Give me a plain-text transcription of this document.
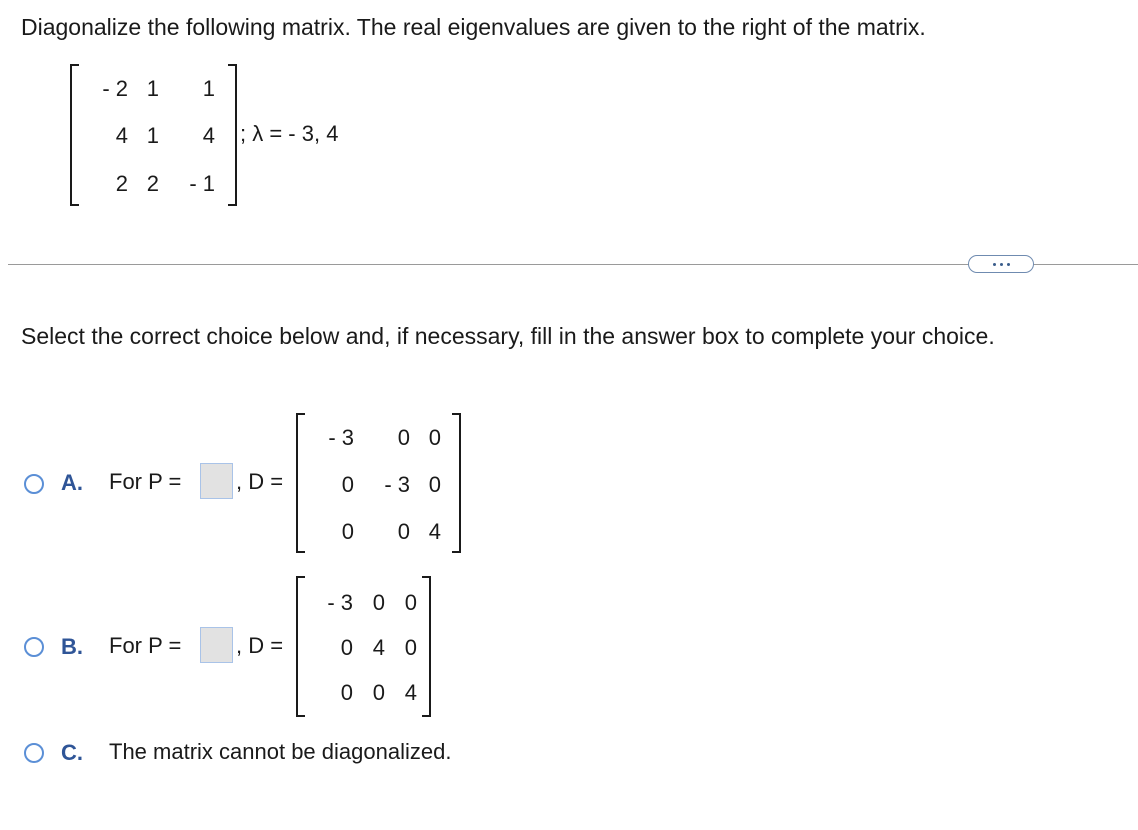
Diagonalize the following matrix. The real eigenvalues are given to the right of the matrix.
- 2 1 1
4 1 4
2 2 - 1
; λ = - 3, 4
Select the correct choice below and, if necessary, fill in the answer box to complete your choice.
A. For P = , D =
- 3 0 0
0 - 3 0
0 0 4
B. For P = , D =
- 3 0 0
0 4 0
0 0 4
C. The matrix cannot be diagonalized.
